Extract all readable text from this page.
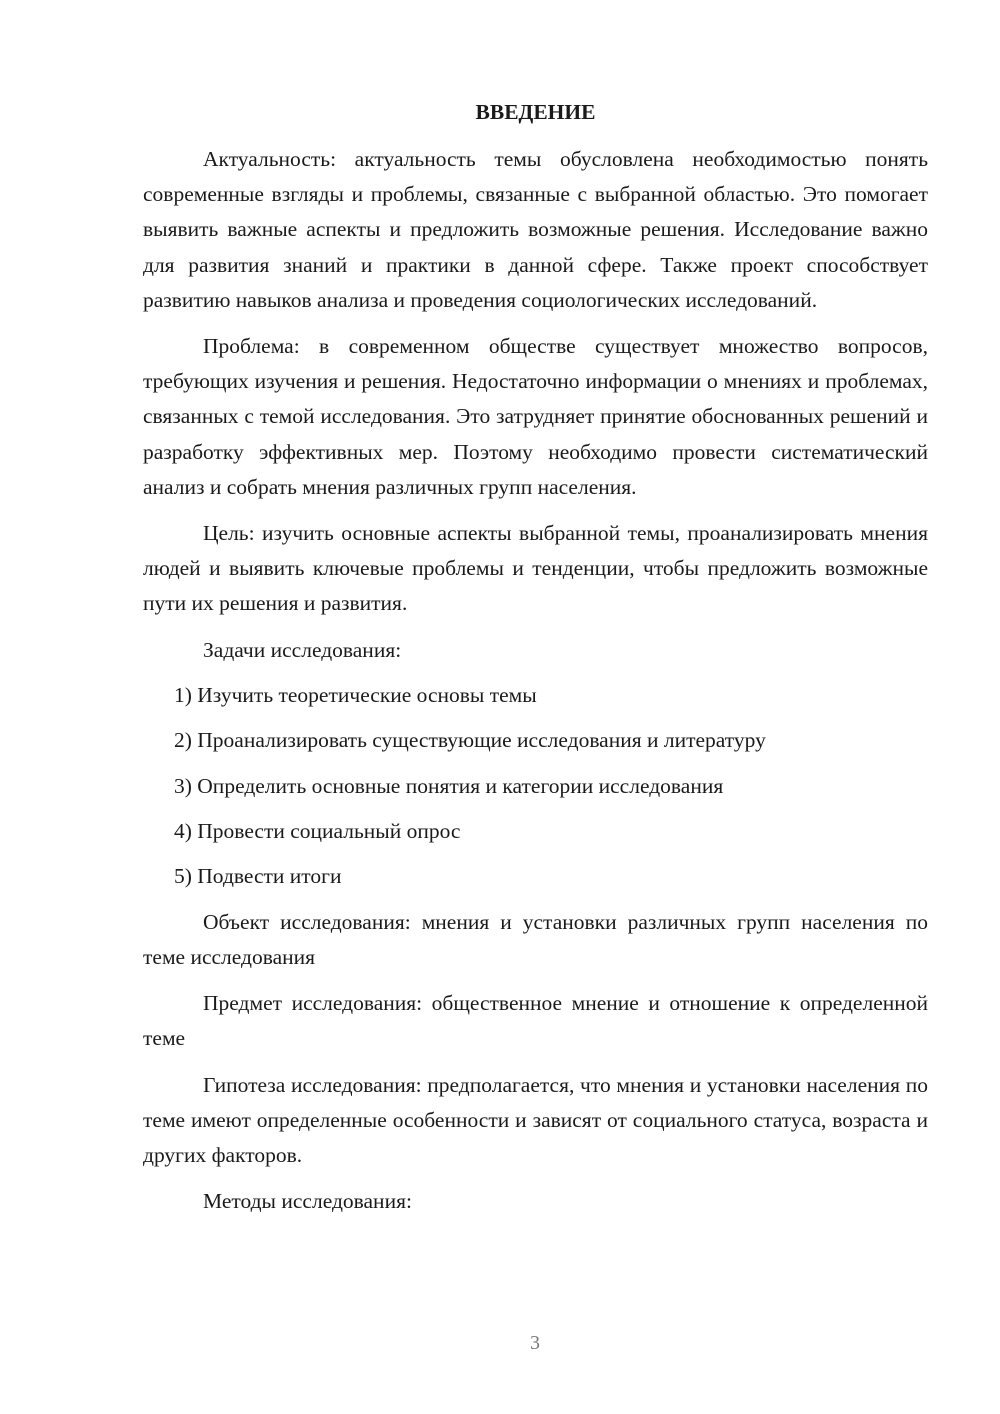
ВВЕДЕНИЕ

Актуальность: актуальность темы обусловлена необходимостью понять современные взгляды и проблемы, связанные с выбранной областью. Это помогает выявить важные аспекты и предложить возможные решения. Исследование важно для развития знаний и практики в данной сфере. Также проект способствует развитию навыков анализа и проведения социологических исследований.

Проблема: в современном обществе существует множество вопросов, требующих изучения и решения. Недостаточно информации о мнениях и проблемах, связанных с темой исследования. Это затрудняет принятие обоснованных решений и разработку эффективных мер. Поэтому необходимо провести систематический анализ и собрать мнения различных групп населения.

Цель: изучить основные аспекты выбранной темы, проанализировать мнения людей и выявить ключевые проблемы и тенденции, чтобы предложить возможные пути их решения и развития.

Задачи исследования:

1) Изучить теоретические основы темы
2) Проанализировать существующие исследования и литературу
3) Определить основные понятия и категории исследования
4) Провести социальный опрос
5) Подвести итоги

Объект исследования: мнения и установки различных групп населения по теме исследования

Предмет исследования: общественное мнение и отношение к определенной теме

Гипотеза исследования: предполагается, что мнения и установки населения по теме имеют определенные особенности и зависят от социального статуса, возраста и других факторов.

Методы исследования:

3
